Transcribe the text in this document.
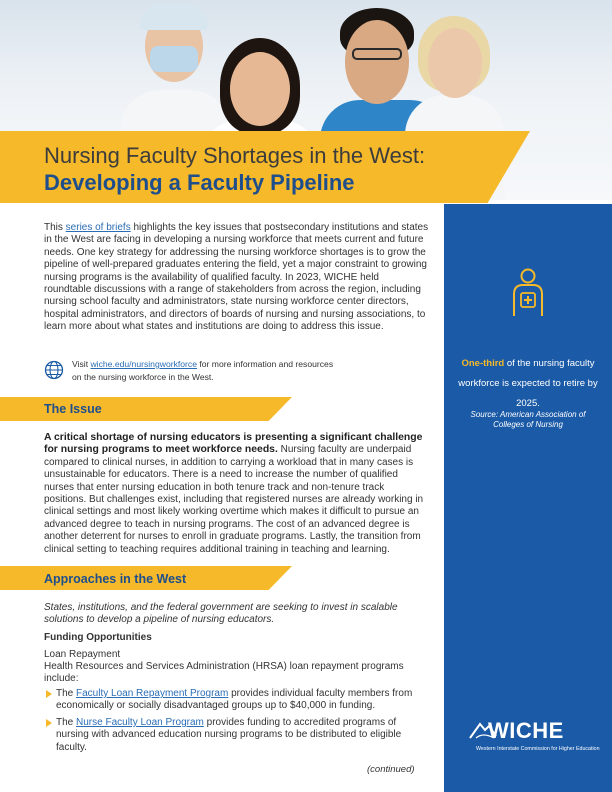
Nursing Faculty Shortages in the West:
Developing a Faculty Pipeline

This series of briefs highlights the key issues that postsecondary institutions and states in the West are facing in developing a nursing workforce that meets current and future needs. One key strategy for addressing the nursing workforce shortages is to grow the pipeline of well-prepared graduates entering the field, yet a major constraint to growing nursing programs is the availability of qualified faculty. In 2023, WICHE held roundtable discussions with a range of stakeholders from across the region, including nursing school faculty and administrators, state nursing workforce center directors, hospital administrators, and directors of boards of nursing and nursing associations, to learn more about what states and institutions are doing to address this issue.

Visit wiche.edu/nursingworkforce for more information and resources
on the nursing workforce in the West.
The Issue

A critical shortage of nursing educators is presenting a significant challenge for nursing programs to meet workforce needs. Nursing faculty are underpaid compared to clinical nurses, in addition to carrying a workload that in many cases is unsustainable for educators. There is a need to increase the number of qualified nurses that enter nursing education in both tenure track and non-tenure track positions. But challenges exist, including that registered nurses are already working in clinical settings and most likely working overtime which makes it difficult to pursue an advanced degree to teach in nursing programs. The cost of an advanced degree is another deterrent for nurses to enroll in graduate programs. Lastly, the transition from clinical setting to teaching requires additional training in teaching and learning.

Approaches in the West

States, institutions, and the federal government are seeking to invest in scalable solutions to develop a pipeline of nursing educators.

Funding Opportunities
Loan Repayment

Health Resources and Services Administration (HRSA) loan repayment programs include:

The Faculty Loan Repayment Program provides individual faculty members from economically or socially disadvantaged groups up to $40,000 in funding.
The Nurse Faculty Loan Program provides funding to accredited programs of nursing with advanced education nursing programs to be distributed to eligible faculty.
(continued)

One-third of the nursing faculty workforce is expected to retire by 2025.

Source: American Association of Colleges of Nursing

WICHE
Western Interstate Commission for Higher Education
